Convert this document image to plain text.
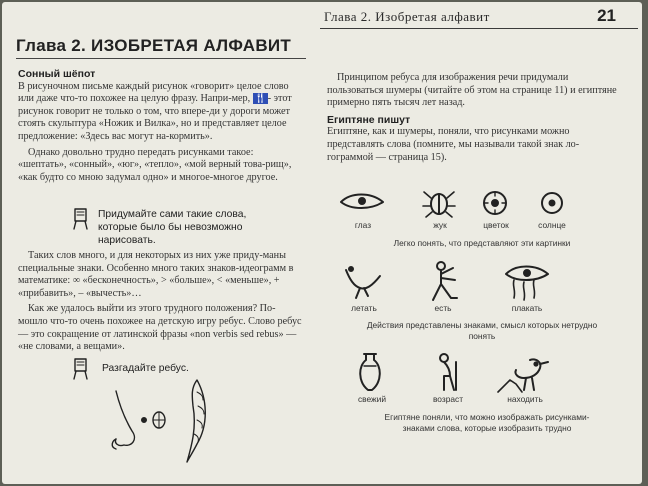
Глава 2. Изобретая алфавит	21
Глава 2. ИЗОБРЕТАЯ АЛФАВИТ

Сонный шёпот

В рисуночном письме каждый рисунок «говорит» целое слово или даже что-то похожее на целую фразу. Напри-мер, 🍴︎- этот рисунок говорит не только о том, что впере-ди у дороги может стоять скульптура «Ножик и Вилка», но и представляет целое предложение: «Здесь вас могут на-кормить».

Однако довольно трудно передать рисунками такое: «шептать», «сонный», «юг», «тепло», «мой верный това-рищ», «как будто со мною задумал одно» и многое-многое другое.

Придумайте сами такие слова, которые было бы невозможно нарисовать.

Таких слов много, и для некоторых из них уже приду-маны специальные знаки. Особенно много таких знаков-идеограмм в математике: ∞ «бесконечность», > «больше», < «меньше», + «прибавить», – «вычесть»…

Как же удалось выйти из этого трудного положения? По-мошло что-то очень похожее на детскую игру ребус. Слово ребус — это сокращение от латинской фразы «non verbis sed rebus» — «не словами, а вещами».

Разгадайте ребус.

Принципом ребуса для изображения речи придумали пользоваться шумеры (читайте об этом на странице 11) и египтяне примерно пять тысяч лет назад.

Египтяне пишут

Египтяне, как и шумеры, поняли, что рисунками можно представлять слова (помните, мы называли такой знак ло-гограммой — страница 15).

глаз	жук	цветок	солнце
Легко понять, что представляют эти картинки
летать	есть	плакать
Действия представлены знаками, смысл которых нетрудно понять
свежий	возраст	находить
Египтяне поняли, что можно изображать рисунками-знаками слова, которые изобразить трудно
